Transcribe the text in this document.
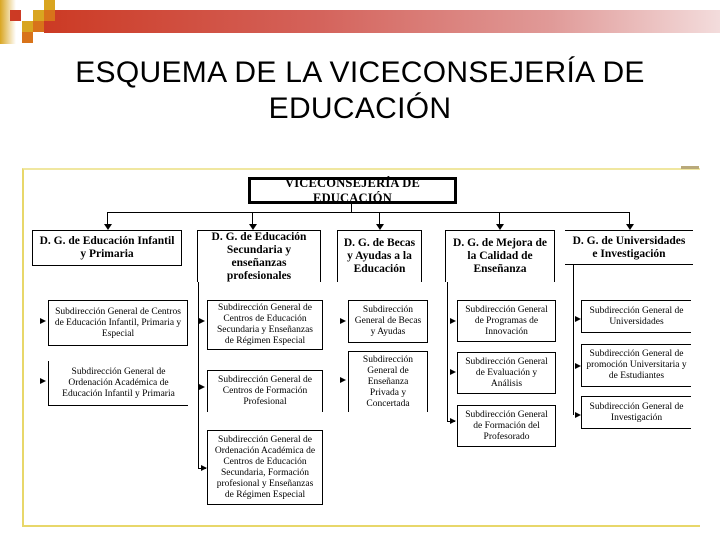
ESQUEMA DE LA VICECONSEJERÍA DE
EDUCACIÓN
VICECONSEJERÍA DE EDUCACIÓN
D. G. de Educación Infantil y Primaria
D. G. de Educación Secundaria y enseñanzas profesionales
D. G. de Becas y Ayudas a la Educación
D. G. de Mejora de la Calidad de Enseñanza
D. G. de Universidades e Investigación
Subdirección General de Centros de Educación Infantil, Primaria y Especial
Subdirección General de Ordenación Académica de Educación Infantil y Primaria
Subdirección General de Centros de Educación Secundaria y Enseñanzas de Régimen Especial
Subdirección General de Centros de Formación Profesional
Subdirección General de Ordenación Académica de Centros de Educación Secundaria, Formación profesional y Enseñanzas de Régimen Especial
Subdirección General de Becas y Ayudas
Subdirección General de Enseñanza Privada y Concertada
Subdirección General de Programas de Innovación
Subdirección General de Evaluación y Análisis
Subdirección General de Formación del Profesorado
Subdirección General de Universidades
Subdirección General de promoción Universitaria y de Estudiantes
Subdirección General de Investigación
